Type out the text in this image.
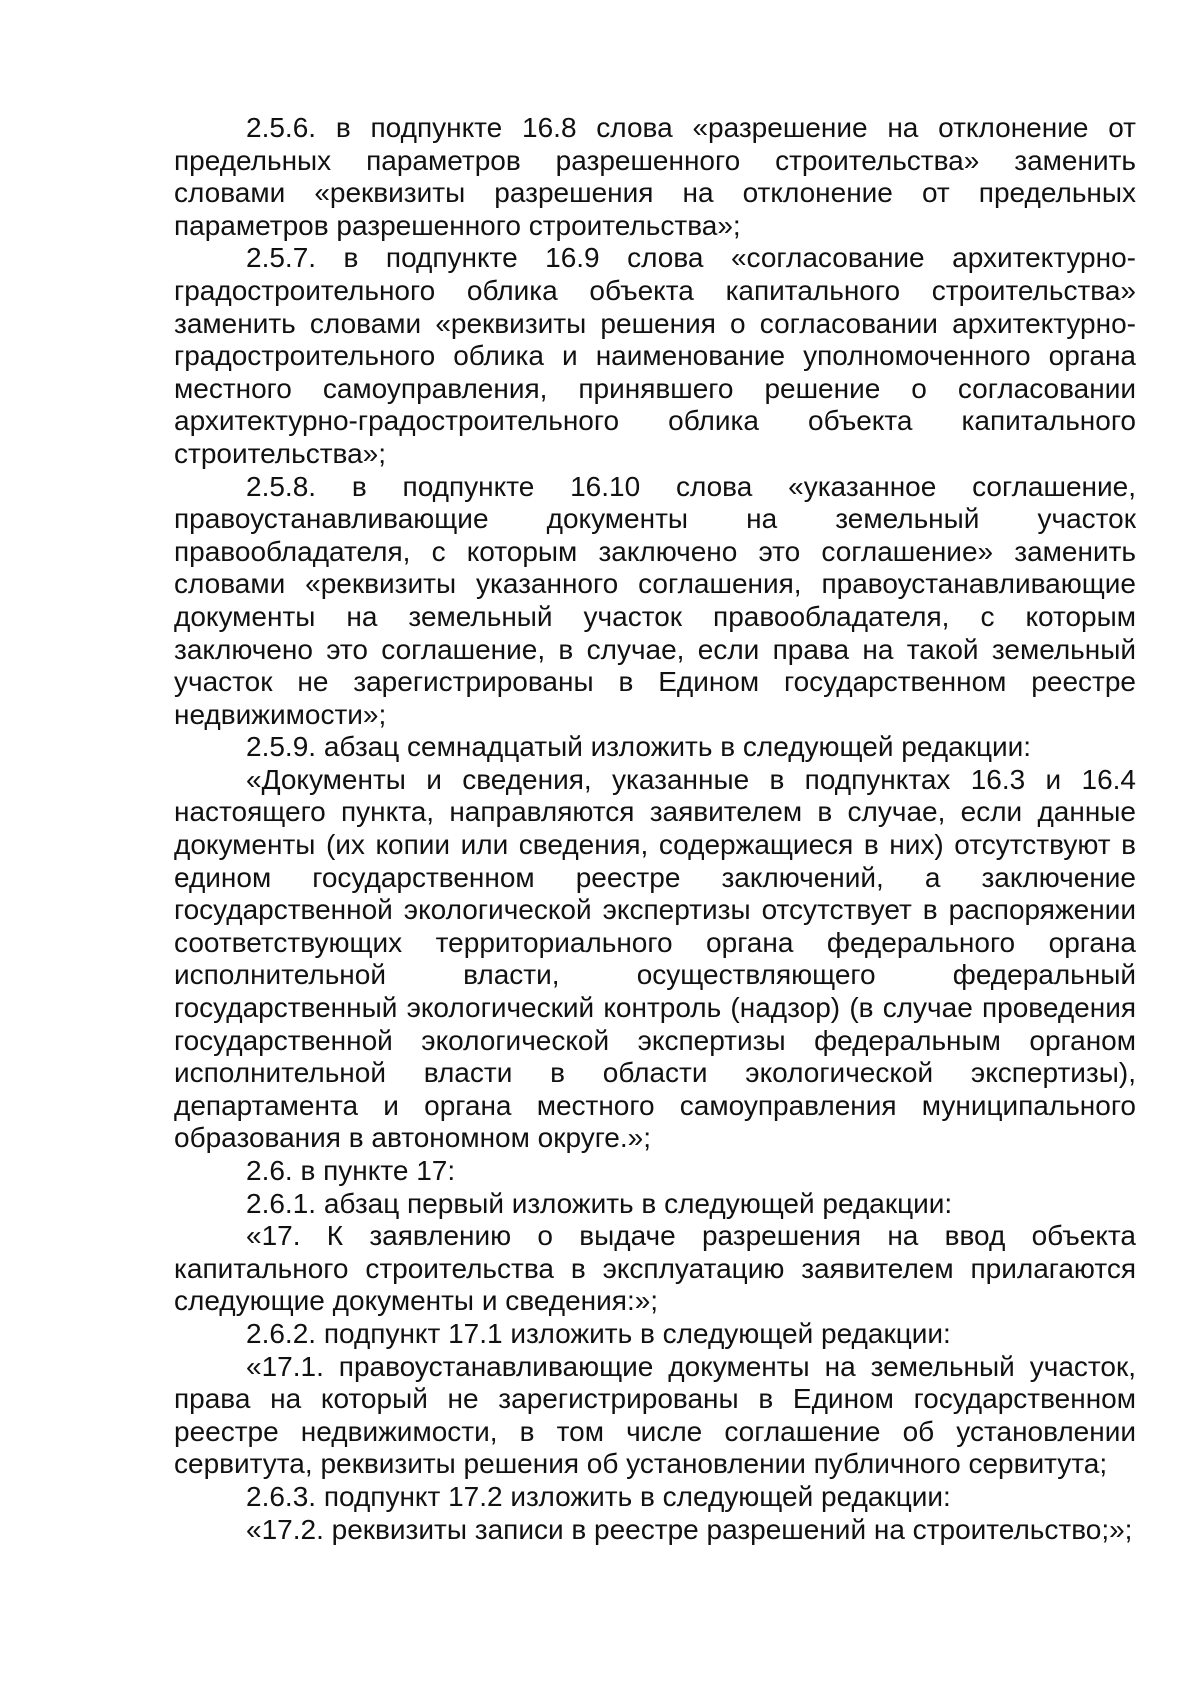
2.5.6. в подпункте 16.8 слова «разрешение на отклонение от предельных параметров разрешенного строительства» заменить словами «реквизиты разрешения на отклонение от предельных параметров разрешенного строительства»;

2.5.7. в подпункте 16.9 слова «согласование архитектурно-градостроительного облика объекта капитального строительства» заменить словами «реквизиты решения о согласовании архитектурно-градостроительного облика и наименование уполномоченного органа местного самоуправления, принявшего решение о согласовании архитектурно-градостроительного облика объекта капитального строительства»;

2.5.8. в подпункте 16.10 слова «указанное соглашение, правоустанавливающие документы на земельный участок правообладателя, с которым заключено это соглашение» заменить словами «реквизиты указанного соглашения, правоустанавливающие документы на земельный участок правообладателя, с которым заключено это соглашение, в случае, если права на такой земельный участок не зарегистрированы в Едином государственном реестре недвижимости»;

2.5.9. абзац семнадцатый изложить в следующей редакции:

«Документы и сведения, указанные в подпунктах 16.3 и 16.4 настоящего пункта, направляются заявителем в случае, если данные документы (их копии или сведения, содержащиеся в них) отсутствуют в едином государственном реестре заключений, а заключение государственной экологической экспертизы отсутствует в распоряжении соответствующих территориального органа федерального органа исполнительной власти, осуществляющего федеральный государственный экологический контроль (надзор) (в случае проведения государственной экологической экспертизы федеральным органом исполнительной власти в области экологической экспертизы), департамента и органа местного самоуправления муниципального образования в автономном округе.»;

2.6. в пункте 17:

2.6.1. абзац первый изложить в следующей редакции:

«17. К заявлению о выдаче разрешения на ввод объекта капитального строительства в эксплуатацию заявителем прилагаются следующие документы и сведения:»;

2.6.2. подпункт 17.1 изложить в следующей редакции:

«17.1. правоустанавливающие документы на земельный участок, права на который не зарегистрированы в Едином государственном реестре недвижимости, в том числе соглашение об установлении сервитута, реквизиты решения об установлении публичного сервитута;

2.6.3. подпункт 17.2 изложить в следующей редакции:

«17.2. реквизиты записи в реестре разрешений на строительство;»;
